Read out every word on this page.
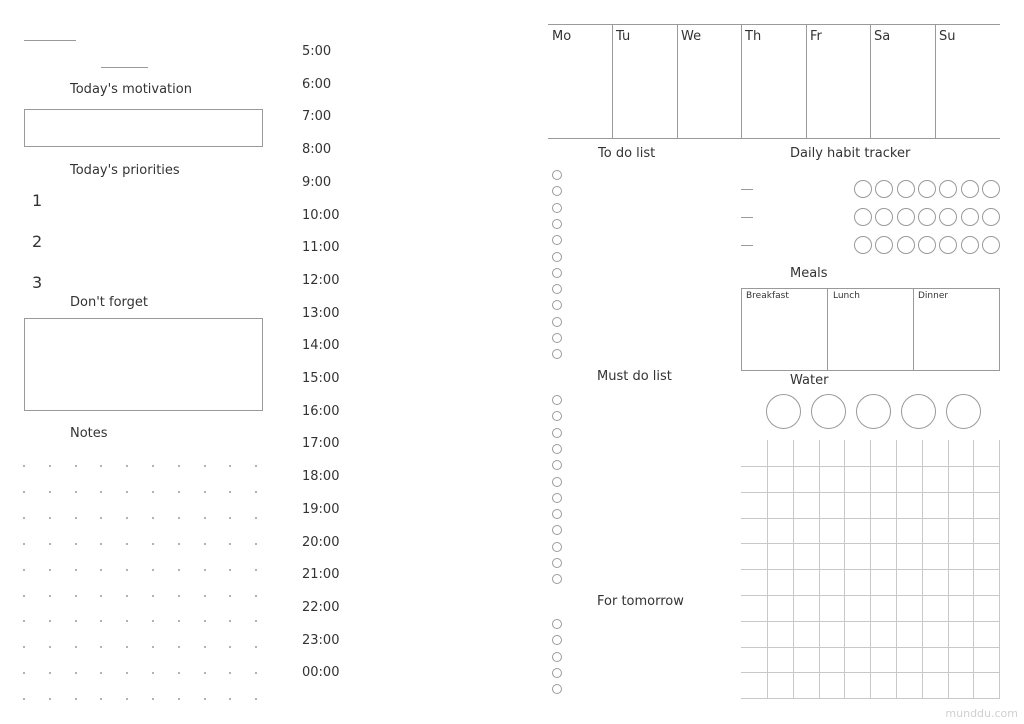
Today's motivation
Today's priorities
1
2
3
Don't forget
Notes
5:00
6:00
7:00
8:00
9:00
10:00
11:00
12:00
13:00
14:00
15:00
16:00
17:00
18:00
19:00
20:00
21:00
22:00
23:00
00:00
Mo	Tu	We	Th	Fr	Sa	Su
To do list
Must do list
For tomorrow
Daily habit tracker
Meals
Breakfast	Lunch	Dinner
Water
munddu.com
